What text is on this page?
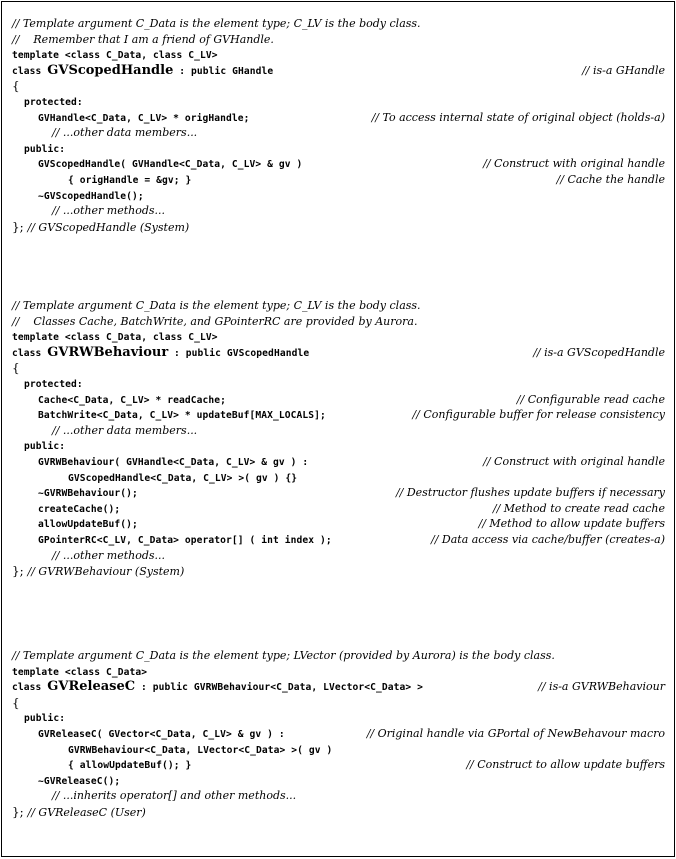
// Template argument C_Data is the element type; C_LV is the body class.
//    Remember that I am a friend of GVHandle.
template <class C_Data, class C_LV>
class GVScopedHandle : public GHandle	// is-a GHandle
{
protected:
GVHandle<C_Data, C_LV> * origHandle;	// To access internal state of original object (holds-a)
// ...other data members...
public:
GVScopedHandle( GVHandle<C_Data, C_LV> & gv )	// Construct with original handle
{ origHandle = &gv; }	// Cache the handle
~GVScopedHandle();
// ...other methods...
}; // GVScopedHandle (System)
// Template argument C_Data is the element type; C_LV is the body class.
//    Classes Cache, BatchWrite, and GPointerRC are provided by Aurora.
template <class C_Data, class C_LV>
class GVRWBehaviour : public GVScopedHandle	// is-a GVScopedHandle
{
protected:
Cache<C_Data, C_LV> * readCache;	// Configurable read cache
BatchWrite<C_Data, C_LV> * updateBuf[MAX_LOCALS];	// Configurable buffer for release consistency
// ...other data members...
public:
GVRWBehaviour( GVHandle<C_Data, C_LV> & gv ) :	// Construct with original handle
GVScopedHandle<C_Data, C_LV> >( gv ) {}
~GVRWBehaviour();	// Destructor flushes update buffers if necessary
createCache();	// Method to create read cache
allowUpdateBuf();	// Method to allow update buffers
GPointerRC<C_LV, C_Data> operator[] ( int index );	// Data access via cache/buffer (creates-a)
// ...other methods...
}; // GVRWBehaviour (System)
// Template argument C_Data is the element type; LVector (provided by Aurora) is the body class.
template <class C_Data>
class GVReleaseC : public GVRWBehaviour<C_Data, LVector<C_Data> >	// is-a GVRWBehaviour
{
public:
GVReleaseC( GVector<C_Data, C_LV> & gv ) :	// Original handle via GPortal of NewBehavour macro
GVRWBehaviour<C_Data, LVector<C_Data> >( gv )
{ allowUpdateBuf(); }	// Construct to allow update buffers
~GVReleaseC();
// ...inherits operator[] and other methods...
}; // GVReleaseC (User)
